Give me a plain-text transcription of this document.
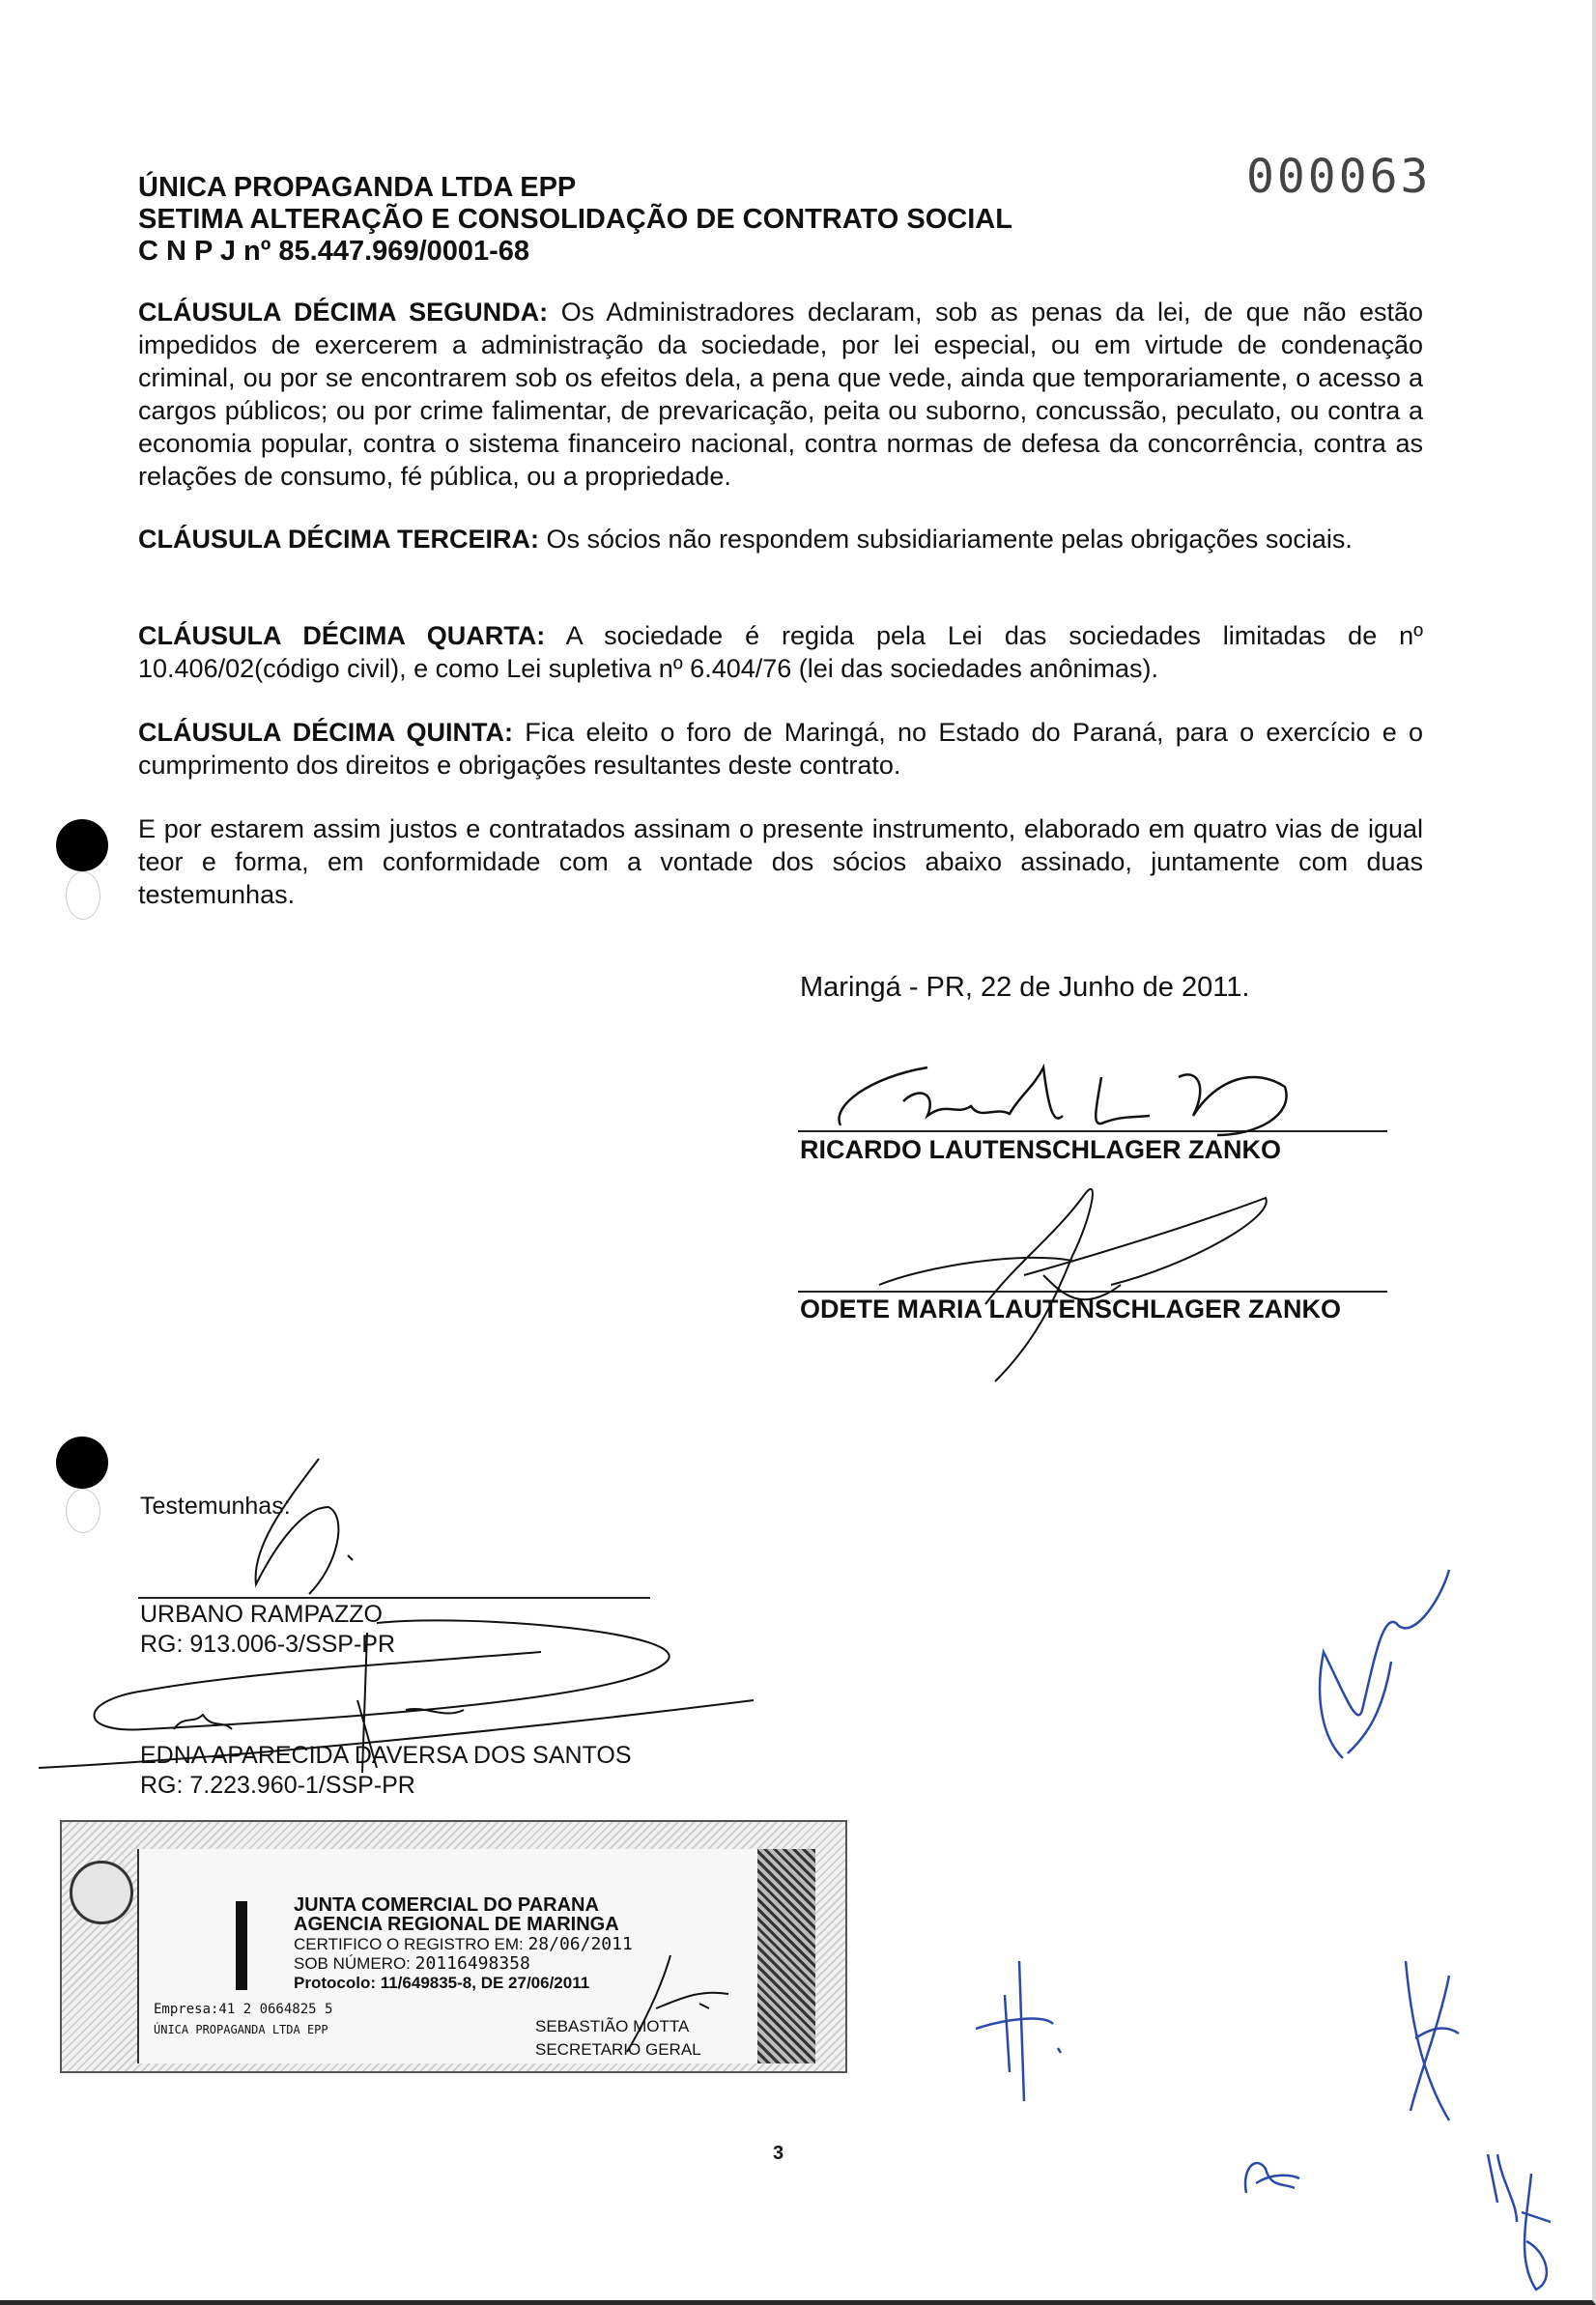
ÚNICA PROPAGANDA LTDA EPP
SETIMA ALTERAÇÃO E CONSOLIDAÇÃO DE CONTRATO SOCIAL
C N P J nº 85.447.969/0001-68
000063
CLÁUSULA DÉCIMA SEGUNDA: Os Administradores declaram, sob as penas da lei, de que não estão impedidos de exercerem a administração da sociedade, por lei especial, ou em virtude de condenação criminal, ou por se encontrarem sob os efeitos dela, a pena que vede, ainda que temporariamente, o acesso a cargos públicos; ou por crime falimentar, de prevaricação, peita ou suborno, concussão, peculato, ou contra a economia popular, contra o sistema financeiro nacional, contra normas de defesa da concorrência, contra as relações de consumo, fé pública, ou a propriedade.
CLÁUSULA DÉCIMA TERCEIRA: Os sócios não respondem subsidiariamente pelas obrigações sociais.
CLÁUSULA DÉCIMA QUARTA: A sociedade é regida pela Lei das sociedades limitadas de nº 10.406/02(código civil), e como Lei supletiva nº 6.404/76 (lei das sociedades anônimas).
CLÁUSULA DÉCIMA QUINTA: Fica eleito o foro de Maringá, no Estado do Paraná, para o exercício e o cumprimento dos direitos e obrigações resultantes deste contrato.
E por estarem assim justos e contratados assinam o presente instrumento, elaborado em quatro vias de igual teor e forma, em conformidade com a vontade dos sócios abaixo assinado, juntamente com duas testemunhas.
Maringá - PR, 22 de Junho de 2011.
RICARDO LAUTENSCHLAGER ZANKO
ODETE MARIA LAUTENSCHLAGER ZANKO
Testemunhas:
URBANO RAMPAZZO
RG: 913.006-3/SSP-PR
EDNA APARECIDA DAVERSA DOS SANTOS
RG: 7.223.960-1/SSP-PR
JUNTA COMERCIAL DO PARANA
AGENCIA REGIONAL DE MARINGA
CERTIFICO O REGISTRO EM: 28/06/2011
SOB NÚMERO: 20116498358
Protocolo: 11/649835-8, DE 27/06/2011
Empresa:41 2 0664825 5
ÚNICA PROPAGANDA LTDA EPP	SEBASTIÃO MOTTA
SECRETARIO GERAL
3
